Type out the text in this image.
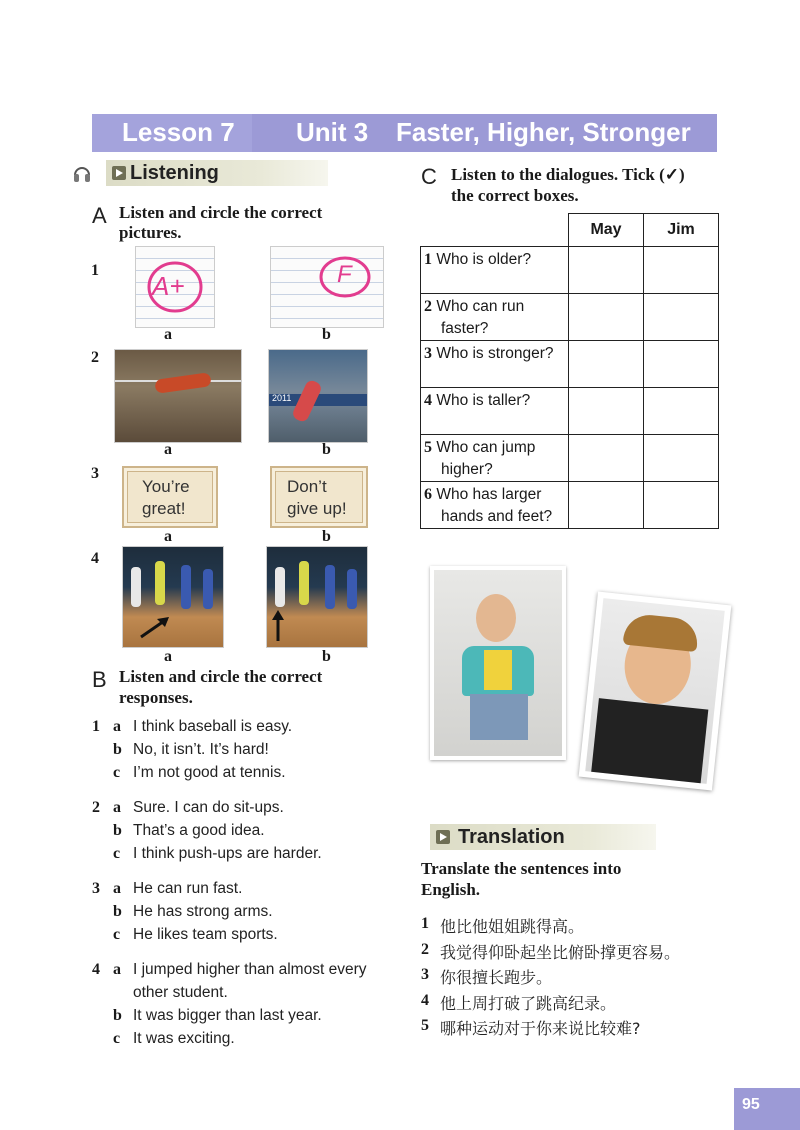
Lesson 7 Unit 3 Faster, Higher, Stronger
Listening
A Listen and circle the correct
pictures.
1
A+	F
a	b
2
2011
a	b
3
You’re
great!
Don’t
give up!
a	b
4
a	b
B Listen and circle the correct
responses.
1 a I think baseball is easy.
b No, it isn’t. It’s hard!
c I’m not good at tennis.
2 a Sure. I can do sit-ups.
b That’s a good idea.
c I think push-ups are harder.
3 a He can run fast.
b He has strong arms.
c He likes team sports.
4 a I jumped higher than almost every
other student.
b It was bigger than last year.
c It was exciting.
C Listen to the dialogues. Tick (✓)
the correct boxes.
	May	Jim
1 Who is older?		
2 Who can run
faster?		
3 Who is stronger?		
4 Who is taller?		
5 Who can jump
higher?		
6 Who has larger
hands and feet?		
Translation
Translate the sentences into
English.
1 他比他姐姐跳得高。
2 我觉得仰卧起坐比俯卧撑更容易。
3 你很擅长跑步。
4 他上周打破了跳高纪录。
5 哪种运动对于你来说比较难?
95
